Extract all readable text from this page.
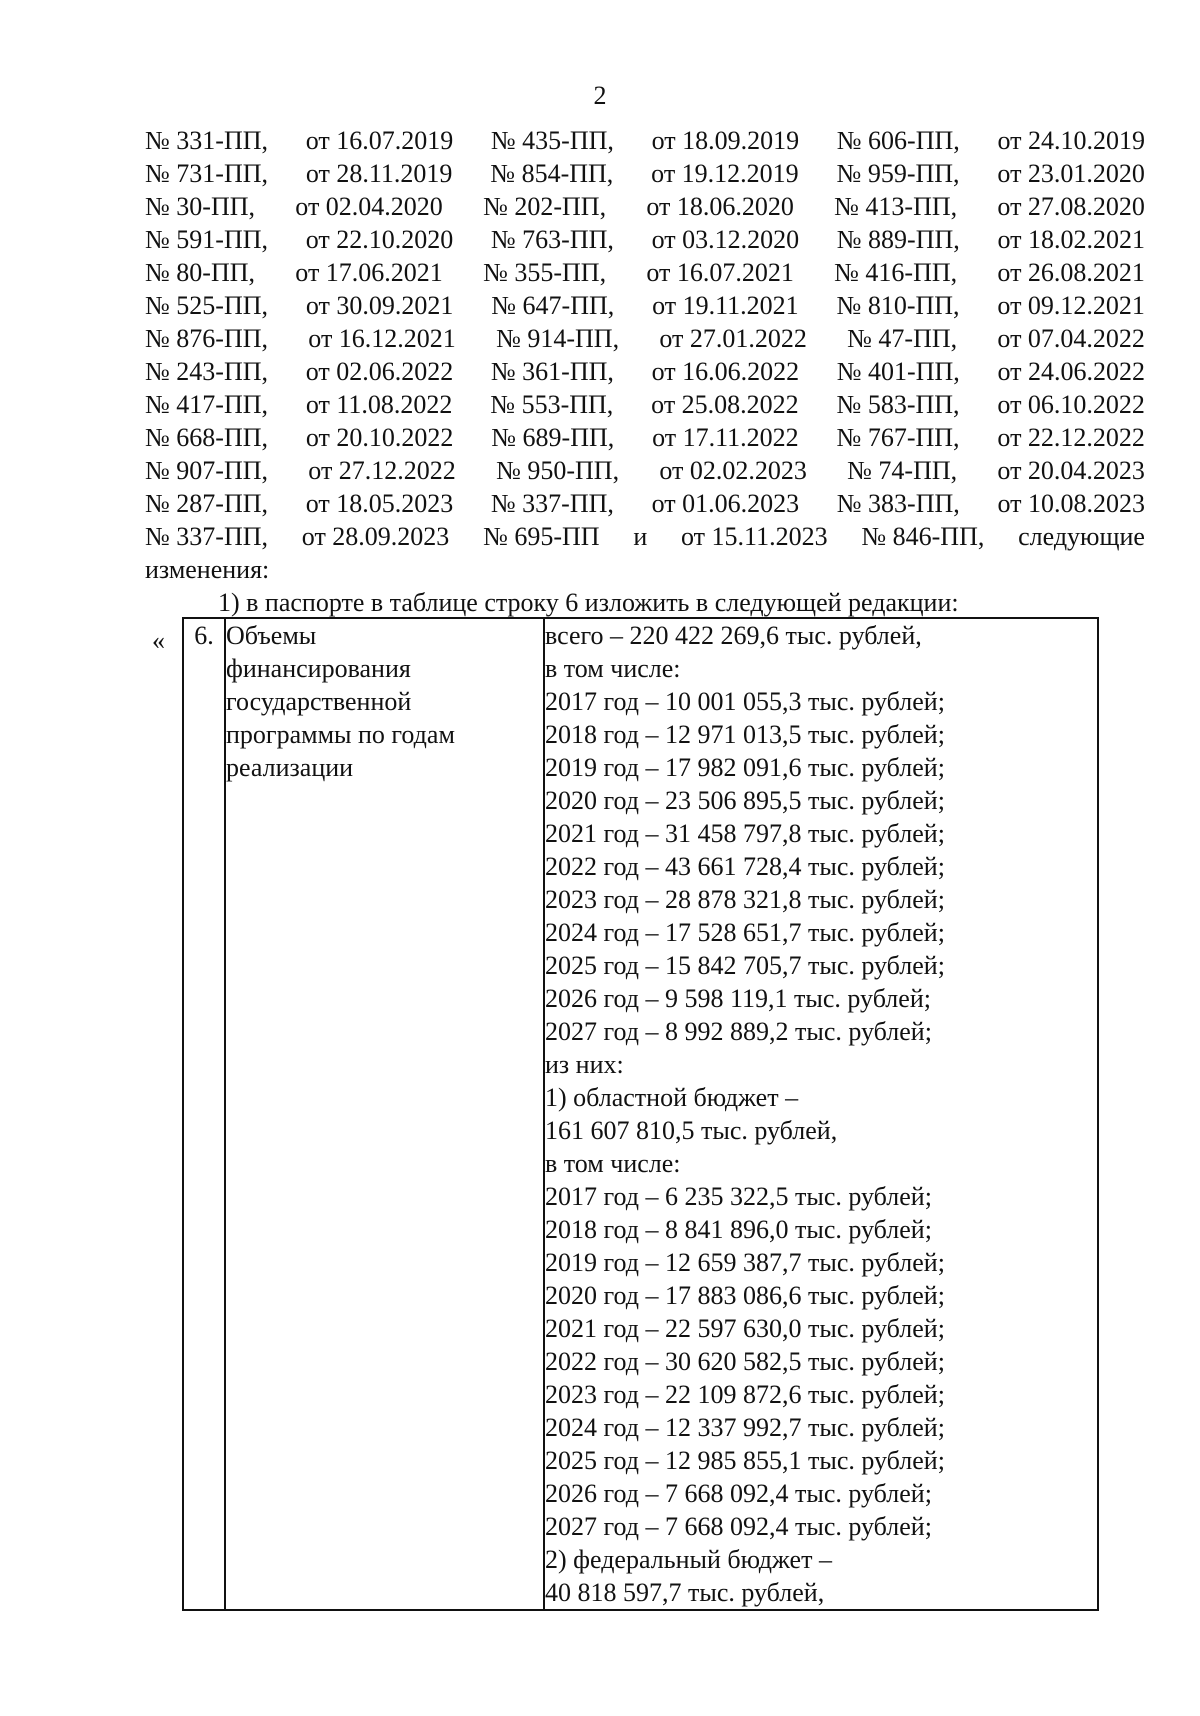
2
№ 331-ПП, от 16.07.2019 № 435-ПП, от 18.09.2019 № 606-ПП, от 24.10.2019
№ 731-ПП, от 28.11.2019 № 854-ПП, от 19.12.2019 № 959-ПП, от 23.01.2020
№ 30-ПП, от 02.04.2020 № 202-ПП, от 18.06.2020 № 413-ПП, от 27.08.2020
№ 591-ПП, от 22.10.2020 № 763-ПП, от 03.12.2020 № 889-ПП, от 18.02.2021
№ 80-ПП, от 17.06.2021 № 355-ПП, от 16.07.2021 № 416-ПП, от 26.08.2021
№ 525-ПП, от 30.09.2021 № 647-ПП, от 19.11.2021 № 810-ПП, от 09.12.2021
№ 876-ПП, от 16.12.2021 № 914-ПП, от 27.01.2022 № 47-ПП, от 07.04.2022
№ 243-ПП, от 02.06.2022 № 361-ПП, от 16.06.2022 № 401-ПП, от 24.06.2022
№ 417-ПП, от 11.08.2022 № 553-ПП, от 25.08.2022 № 583-ПП, от 06.10.2022
№ 668-ПП, от 20.10.2022 № 689-ПП, от 17.11.2022 № 767-ПП, от 22.12.2022
№ 907-ПП, от 27.12.2022 № 950-ПП, от 02.02.2023 № 74-ПП, от 20.04.2023
№ 287-ПП, от 18.05.2023 № 337-ПП, от 01.06.2023 № 383-ПП, от 10.08.2023
№ 337-ПП, от 28.09.2023 № 695-ПП и от 15.11.2023 № 846-ПП, следующие
изменения:
1) в паспорте в таблице строку 6 изложить в следующей редакции:
« 6.	Объемы
финансирования
государственной
программы по годам
реализации

всего – 220 422 269,6 тыс. рублей,
в том числе:
2017 год – 10 001 055,3 тыс. рублей;
2018 год – 12 971 013,5 тыс. рублей;
2019 год – 17 982 091,6 тыс. рублей;
2020 год – 23 506 895,5 тыс. рублей;
2021 год – 31 458 797,8 тыс. рублей;
2022 год – 43 661 728,4 тыс. рублей;
2023 год – 28 878 321,8 тыс. рублей;
2024 год – 17 528 651,7 тыс. рублей;
2025 год – 15 842 705,7 тыс. рублей;
2026 год – 9 598 119,1 тыс. рублей;
2027 год – 8 992 889,2 тыс. рублей;
из них:
1) областной бюджет –
161 607 810,5 тыс. рублей,
в том числе:
2017 год – 6 235 322,5 тыс. рублей;
2018 год – 8 841 896,0 тыс. рублей;
2019 год – 12 659 387,7 тыс. рублей;
2020 год – 17 883 086,6 тыс. рублей;
2021 год – 22 597 630,0 тыс. рублей;
2022 год – 30 620 582,5 тыс. рублей;
2023 год – 22 109 872,6 тыс. рублей;
2024 год – 12 337 992,7 тыс. рублей;
2025 год – 12 985 855,1 тыс. рублей;
2026 год – 7 668 092,4 тыс. рублей;
2027 год – 7 668 092,4 тыс. рублей;
2) федеральный бюджет –
40 818 597,7 тыс. рублей,
